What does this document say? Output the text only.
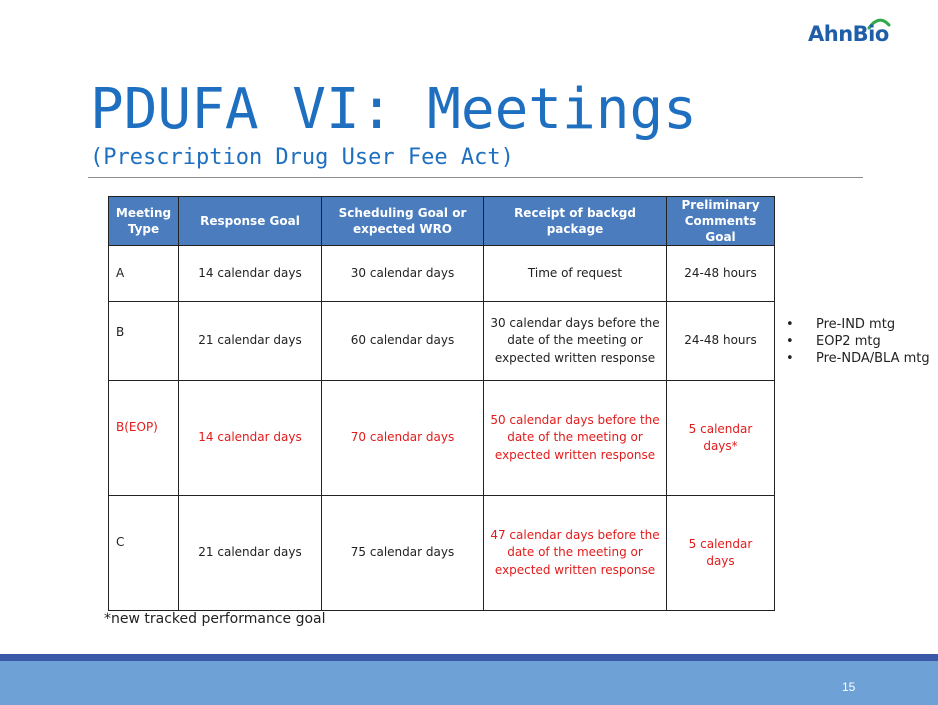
AhnBio
PDUFA VI: Meetings
(Prescription Drug User Fee Act)
Meeting Type	Response Goal	Scheduling Goal or expected WRO	Receipt of backgd package	Preliminary Comments Goal
A	14 calendar days	30 calendar days	Time of request	24-48 hours
B	21 calendar days	60 calendar days	30 calendar days before the date of the meeting or expected written response	24-48 hours
B(EOP)	14 calendar days	70 calendar days	50 calendar days before the date of the meeting or expected written response	5 calendar days*
C	21 calendar days	75 calendar days	47 calendar days before the date of the meeting or expected written response	5 calendar days
*new tracked performance goal
• Pre-IND mtg
• EOP2 mtg
• Pre-NDA/BLA mtg
15
